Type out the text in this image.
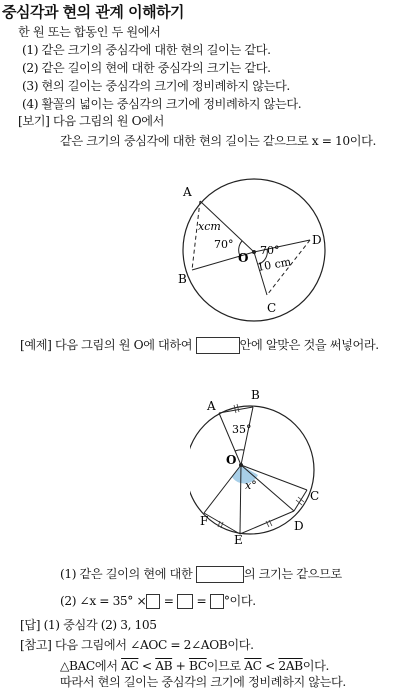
중심각과 현의 관계 이해하기
한 원 또는 합동인 두 원에서
(1) 같은 크기의 중심각에 대한 현의 길이는 같다.
(2) 같은 길이의 현에 대한 중심각의 크기는 같다.
(3) 현의 길이는 중심각의 크기에 정비례하지 않는다.
(4) 활꼴의 넓이는 중심각의 크기에 정비례하지 않는다.
[보기] 다음 그림의 원 O에서
같은 크기의 중심각에 대한 현의 길이는 같으므로 x = 10이다.
A
B
C
D
O
xcm
70° 70°
10 cm
[예제] 다음 그림의 원 O에 대하여	안에 알맞은 것을 써넣어라.
A
B
C
D
E
F
O
35°
x°
(1) 같은 길이의 현에 대한	의 크기는 같으므로
(2) ∠x = 35° × = = °이다.
[답] (1) 중심각 (2) 3, 105
[참고] 다음 그림에서 ∠AOC = 2∠AOB이다.
△BAC에서 $\overline{AC} < \overline{AB} + \overline{BC}$이므로 $\overline{AC} < 2AB$이다.
따라서 현의 길이는 중심각의 크기에 정비례하지 않는다.
